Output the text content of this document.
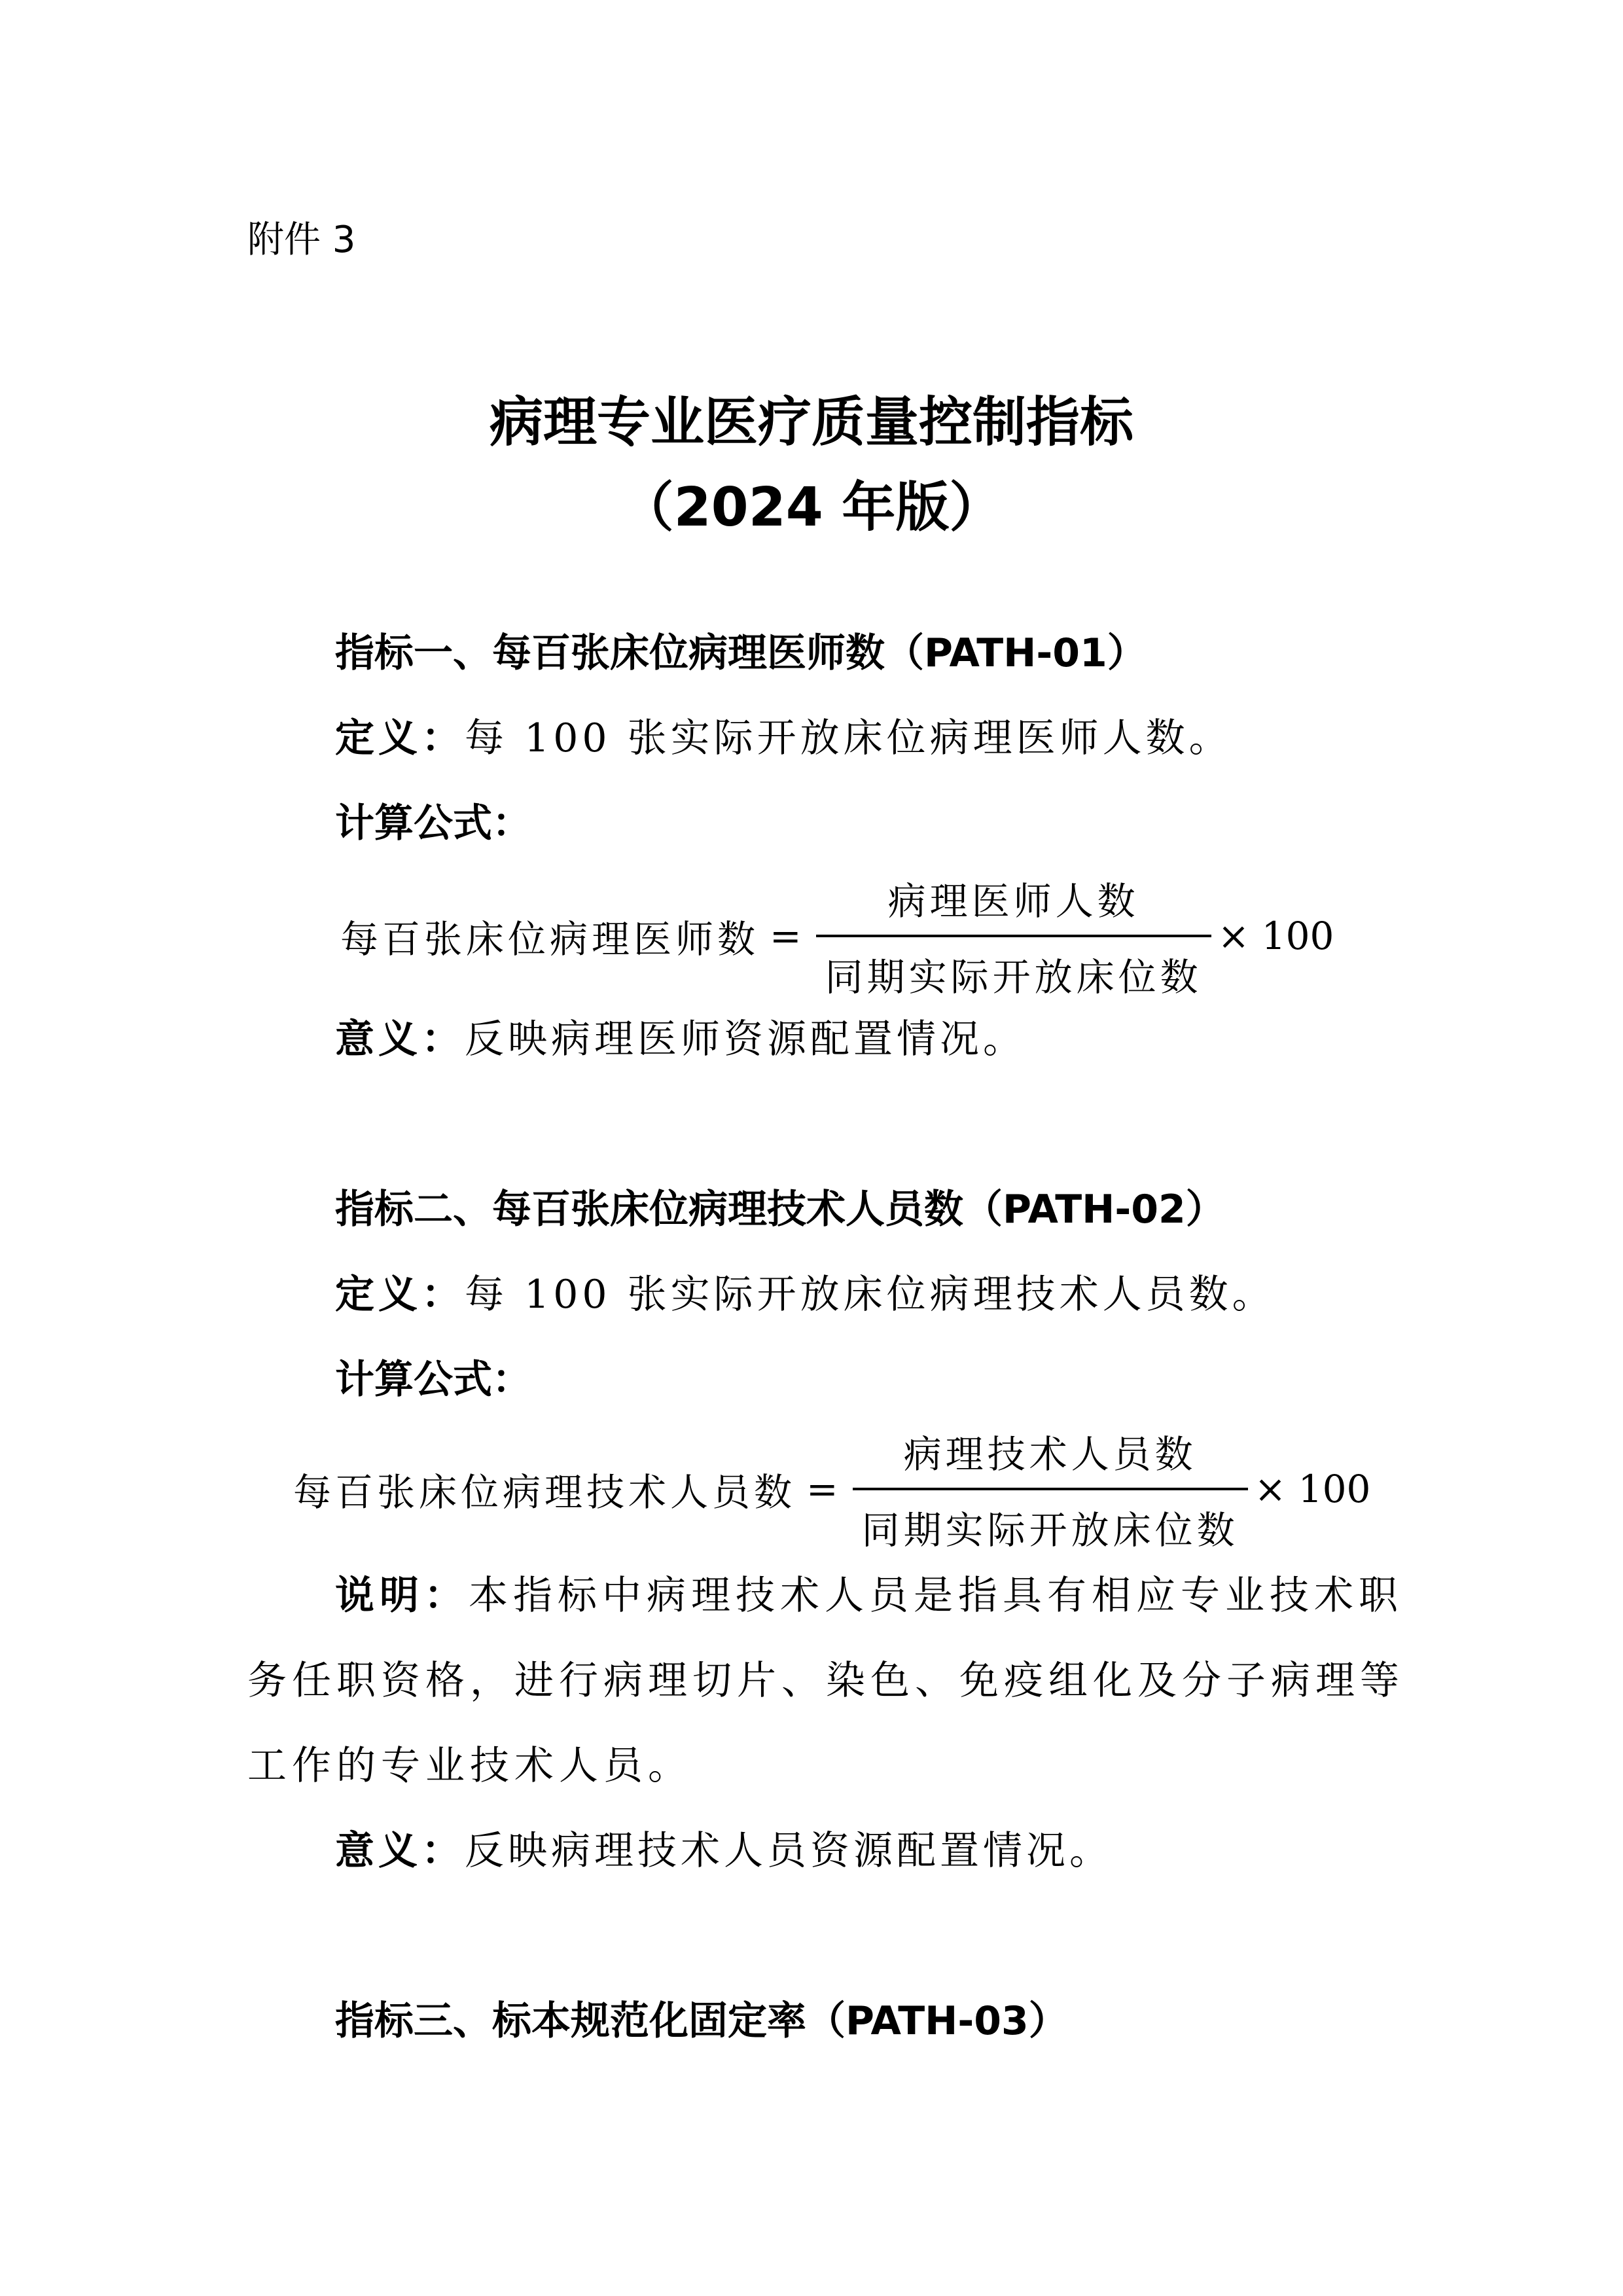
附件 3
病理专业医疗质量控制指标
（2024 年版）
指标一、每百张床位病理医师数（PATH-01）
定义：每 100 张实际开放床位病理医师人数。
计算公式：
每百张床位病理医师数 = $\frac{\text{病理医师人数}}{\text{同期实际开放床位数}} \times 100$
意义：反映病理医师资源配置情况。
指标二、每百张床位病理技术人员数（PATH-02）
定义：每 100 张实际开放床位病理技术人员数。
计算公式：
每百张床位病理技术人员数 = $\frac{\text{病理技术人员数}}{\text{同期实际开放床位数}} \times 100$
说明：本指标中病理技术人员是指具有相应专业技术职
务任职资格，进行病理切片、染色、免疫组化及分子病理等
工作的专业技术人员。
意义：反映病理技术人员资源配置情况。
指标三、标本规范化固定率（PATH-03）
